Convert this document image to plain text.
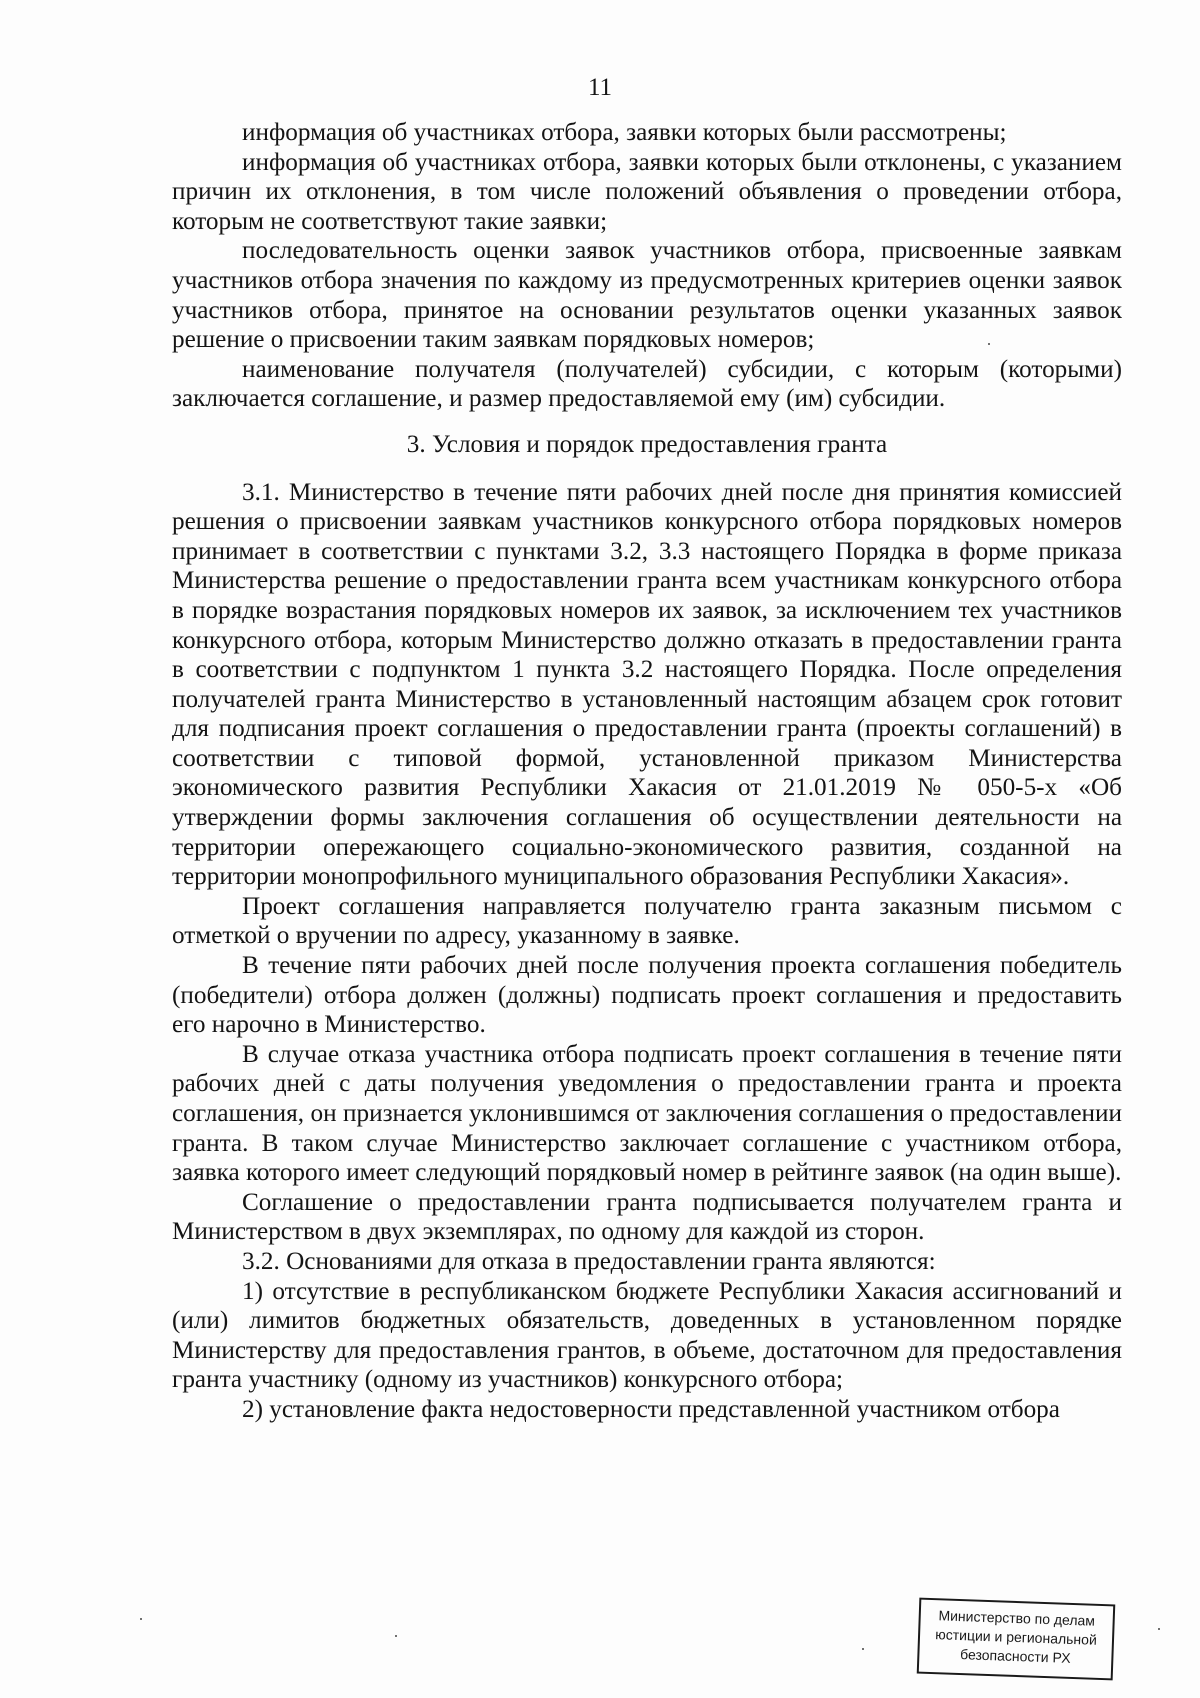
11

информация об участниках отбора, заявки которых были рассмотрены;

информация об участниках отбора, заявки которых были отклонены, с указанием причин их отклонения, в том числе положений объявления о проведении отбора, которым не соответствуют такие заявки;

последовательность оценки заявок участников отбора, присвоенные заявкам участников отбора значения по каждому из предусмотренных критериев оценки заявок участников отбора, принятое на основании результатов оценки указанных заявок решение о присвоении таким заявкам порядковых номеров;

наименование получателя (получателей) субсидии, с которым (которыми) заключается соглашение, и размер предоставляемой ему (им) субсидии.

3. Условия и порядок предоставления гранта

3.1. Министерство в течение пяти рабочих дней после дня принятия комиссией решения о присвоении заявкам участников конкурсного отбора порядковых номеров принимает в соответствии с пунктами 3.2, 3.3 настоящего Порядка в форме приказа Министерства решение о предоставлении гранта всем участникам конкурсного отбора в порядке возрастания порядковых номеров их заявок, за исключением тех участников конкурсного отбора, которым Министерство должно отказать в предоставлении гранта в соответствии с подпунктом 1 пункта 3.2 настоящего Порядка. После определения получателей гранта Министерство в установленный настоящим абзацем срок готовит для подписания проект соглашения о предоставлении гранта (проекты соглашений) в соответствии с типовой формой, установленной приказом Министерства экономического развития Республики Хакасия от 21.01.2019 № 050-5-х «Об утверждении формы заключения соглашения об осуществлении деятельности на территории опережающего социально-экономического развития, созданной на территории монопрофильного муниципального образования Республики Хакасия».

Проект соглашения направляется получателю гранта заказным письмом с отметкой о вручении по адресу, указанному в заявке.

В течение пяти рабочих дней после получения проекта соглашения победитель (победители) отбора должен (должны) подписать проект соглашения и предоставить его нарочно в Министерство.

В случае отказа участника отбора подписать проект соглашения в течение пяти рабочих дней с даты получения уведомления о предоставлении гранта и проекта соглашения, он признается уклонившимся от заключения соглашения о предоставлении гранта. В таком случае Министерство заключает соглашение с участником отбора, заявка которого имеет следующий порядковый номер в рейтинге заявок (на один выше).

Соглашение о предоставлении гранта подписывается получателем гранта и Министерством в двух экземплярах, по одному для каждой из сторон.

3.2. Основаниями для отказа в предоставлении гранта являются:

1) отсутствие в республиканском бюджете Республики Хакасия ассигнований и (или) лимитов бюджетных обязательств, доведенных в установленном порядке Министерству для предоставления грантов, в объеме, достаточном для предоставления гранта участнику (одному из участников) конкурсного отбора;

2) установление факта недостоверности представленной участником отбора

Министерство по делам
юстиции и региональной
безопасности РХ
